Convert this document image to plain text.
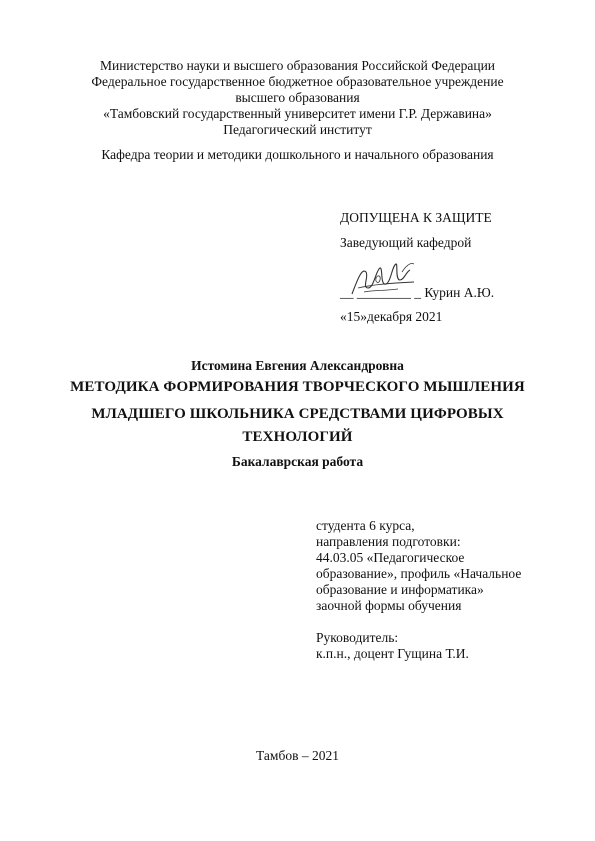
Министерство науки и высшего образования Российской Федерации
Федеральное государственное бюджетное образовательное учреждение
высшего образования
«Тамбовский государственный университет имени Г.Р. Державина»
Педагогический институт
Кафедра теории и методики дошкольного и начального образования
ДОПУЩЕНА К ЗАЩИТЕ
Заведующий кафедрой
__ ________ _ Курин А.Ю.
«15»декабря 2021
Истомина Евгения Александровна
МЕТОДИКА ФОРМИРОВАНИЯ ТВОРЧЕСКОГО МЫШЛЕНИЯ
МЛАДШЕГО ШКОЛЬНИКА СРЕДСТВАМИ ЦИФРОВЫХ
ТЕХНОЛОГИЙ
Бакалаврская работа
студента 6 курса,
направления подготовки:
44.03.05 «Педагогическое
образование», профиль «Начальное
образование и информатика»
заочной формы обучения
Руководитель:
к.п.н., доцент Гущина Т.И.
Тамбов – 2021
